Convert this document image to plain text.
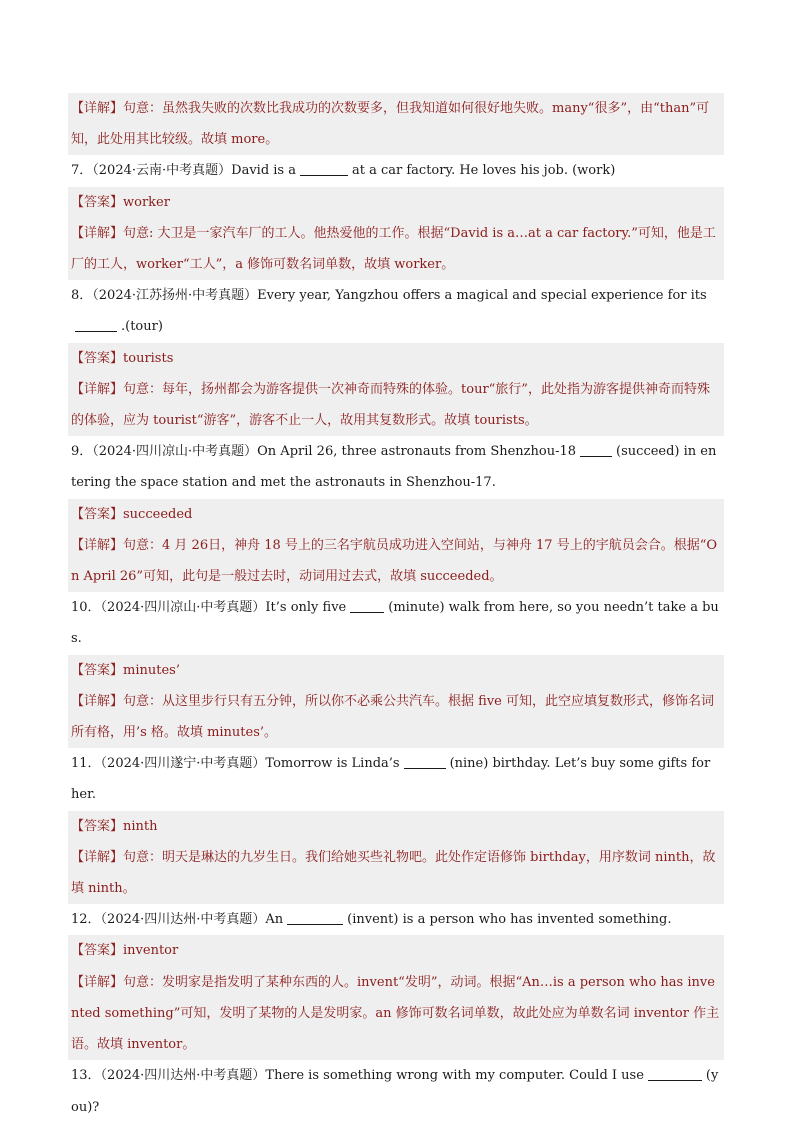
【详解】句意：虽然我失败的次数比我成功的次数要多，但我知道如何很好地失败。many“很多”，由“than”可知，此处用其比较级。故填 more。

7．（2024·云南·中考真题）David is a	at a car factory. He loves his job. (work)

【答案】worker

【详解】句意: 大卫是一家汽车厂的工人。他热爱他的工作。根据“David is a…at a car factory.”可知，他是工厂的工人，worker“工人”，a 修饰可数名词单数，故填 worker。

8．（2024·江苏扬州·中考真题）Every year, Yangzhou offers a magical and special experience for its.(tour)

【答案】tourists

【详解】句意：每年，扬州都会为游客提供一次神奇而特殊的体验。tour“旅行”，此处指为游客提供神奇而特殊的体验，应为 tourist“游客”，游客不止一人，故用其复数形式。故填 tourists。

9．（2024·四川凉山·中考真题）On April 26, three astronauts from Shenzhou-18	(succeed) in entering the space station and met the astronauts in Shenzhou-17.

【答案】succeeded

【详解】句意：4 月 26日，神舟 18 号上的三名宇航员成功进入空间站，与神舟 17 号上的宇航员会合。根据“On April 26”可知，此句是一般过去时，动词用过去式，故填 succeeded。

10．（2024·四川凉山·中考真题）It’s only five	(minute) walk from here, so you needn’t take a bus.

【答案】minutes’

【详解】句意：从这里步行只有五分钟，所以你不必乘公共汽车。根据 five 可知，此空应填复数形式，修饰名词所有格，用’s 格。故填 minutes’。

11．（2024·四川遂宁·中考真题）Tomorrow is Linda’s	(nine) birthday. Let’s buy some gifts for her.

【答案】ninth

【详解】句意：明天是琳达的九岁生日。我们给她买些礼物吧。此处作定语修饰 birthday，用序数词 ninth，故填 ninth。

12．（2024·四川达州·中考真题）An	(invent) is a person who has invented something.

【答案】inventor

【详解】句意：发明家是指发明了某种东西的人。invent“发明”，动词。根据“An…is a person who has invented something”可知，发明了某物的人是发明家。an 修饰可数名词单数，故此处应为单数名词 inventor 作主语。故填 inventor。

13．（2024·四川达州·中考真题）There is something wrong with my computer. Could I use	(you)?
